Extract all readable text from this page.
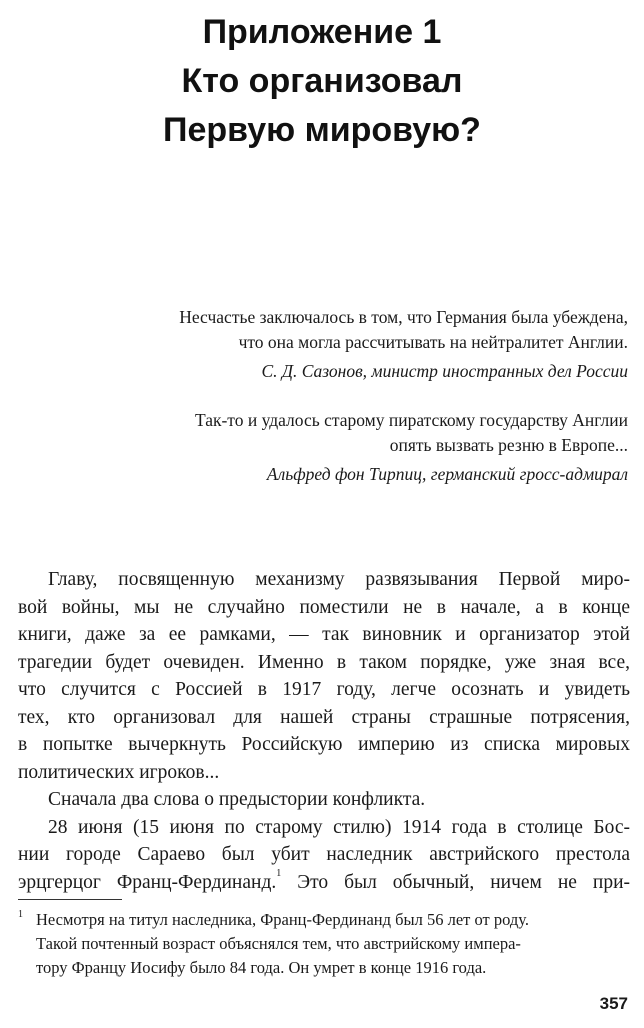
Приложение 1
Кто организовал
Первую мировую?
Несчастье заключалось в том, что Германия была убеждена,
что она могла рассчитывать на нейтралитет Англии.
С. Д. Сазонов, министр иностранных дел России
Так-то и удалось старому пиратскому государству Англии
опять вызвать резню в Европе...
Альфред фон Тирпиц, германский гросс-адмирал
Главу, посвященную механизму развязывания Первой миро-
вой войны, мы не случайно поместили не в начале, а в конце
книги, даже за ее рамками, — так виновник и организатор этой
трагедии будет очевиден. Именно в таком порядке, уже зная все,
что случится с Россией в 1917 году, легче осознать и увидеть
тех, кто организовал для нашей страны страшные потрясения,
в попытке вычеркнуть Российскую империю из списка мировых
политических игроков...
Сначала два слова о предыстории конфликта.
28 июня (15 июня по старому стилю) 1914 года в столице Бос-
нии городе Сараево был убит наследник австрийского престола
эрцгерцог Франц-Фердинанд.$^1$ Это был обычный, ничем не при-
1 Несмотря на титул наследника, Франц-Фердинанд был 56 лет от роду.
Такой почтенный возраст объяснялся тем, что австрийскому импера-
тору Францу Иосифу было 84 года. Он умрет в конце 1916 года.
357
